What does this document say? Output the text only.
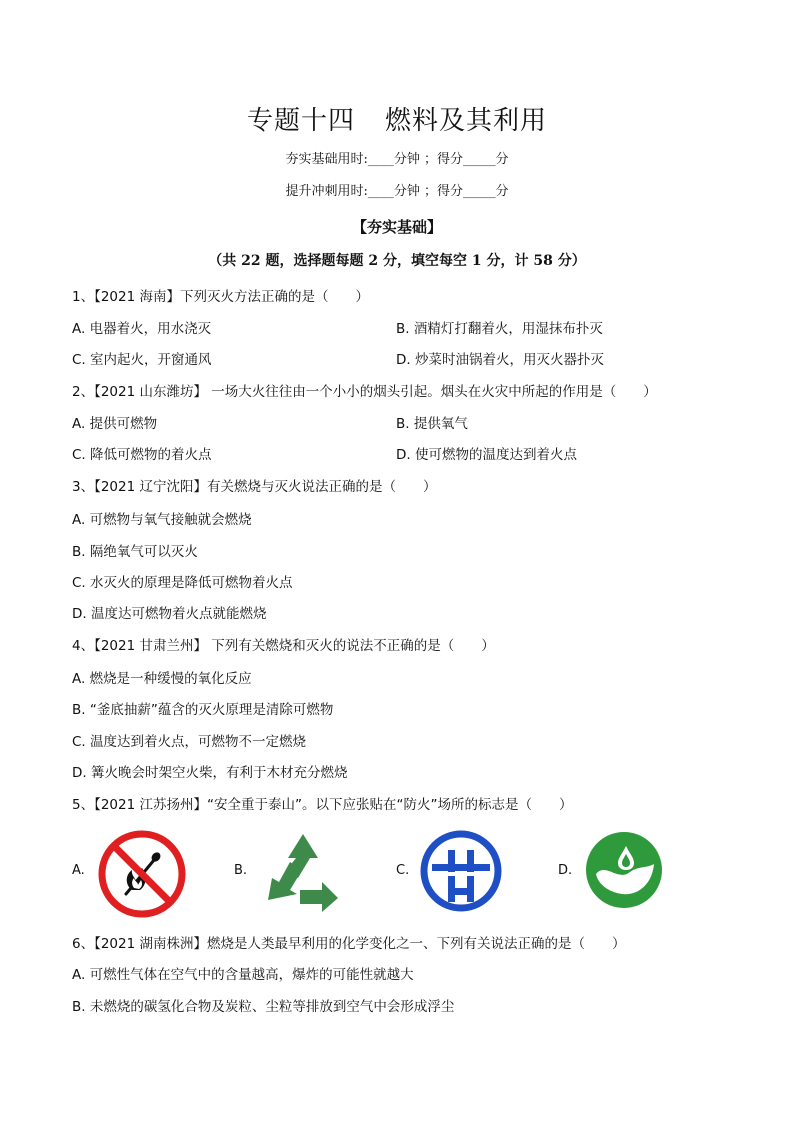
专题十四 燃料及其利用
夯实基础用时:____分钟 ；得分_____分
提升冲刺用时:____分钟 ；得分_____分
【夯实基础】
（共 22 题，选择题每题 2 分，填空每空 1 分，计 58 分）
1、【2021 海南】下列灭火方法正确的是（　　）
A. 电器着火，用水浇灭	B. 酒精灯打翻着火，用湿抹布扑灭
C. 室内起火，开窗通风	D. 炒菜时油锅着火，用灭火器扑灭
2、【2021 山东潍坊】 一场大火往往由一个小小的烟头引起。烟头在火灾中所起的作用是（　　）
A. 提供可燃物	B. 提供氧气
C. 降低可燃物的着火点	D. 使可燃物的温度达到着火点
3、【2021 辽宁沈阳】有关燃烧与灭火说法正确的是（　　）
A. 可燃物与氧气接触就会燃烧
B. 隔绝氧气可以灭火
C. 水灭火的原理是降低可燃物着火点
D. 温度达可燃物着火点就能燃烧
4、【2021 甘肃兰州】 下列有关燃烧和灭火的说法不正确的是（　　）
A. 燃烧是一种缓慢的氧化反应
B. “釜底抽薪”蕴含的灭火原理是清除可燃物
C. 温度达到着火点，可燃物不一定燃烧
D. 篝火晚会时架空火柴，有利于木材充分燃烧
5、【2021 江苏扬州】“安全重于泰山”。以下应张贴在“防火”场所的标志是（　　）
A.	B.	C.	D.
6、【2021 湖南株洲】燃烧是人类最早利用的化学变化之一、下列有关说法正确的是（　　）
A. 可燃性气体在空气中的含量越高，爆炸的可能性就越大
B. 未燃烧的碳氢化合物及炭粒、尘粒等排放到空气中会形成浮尘
